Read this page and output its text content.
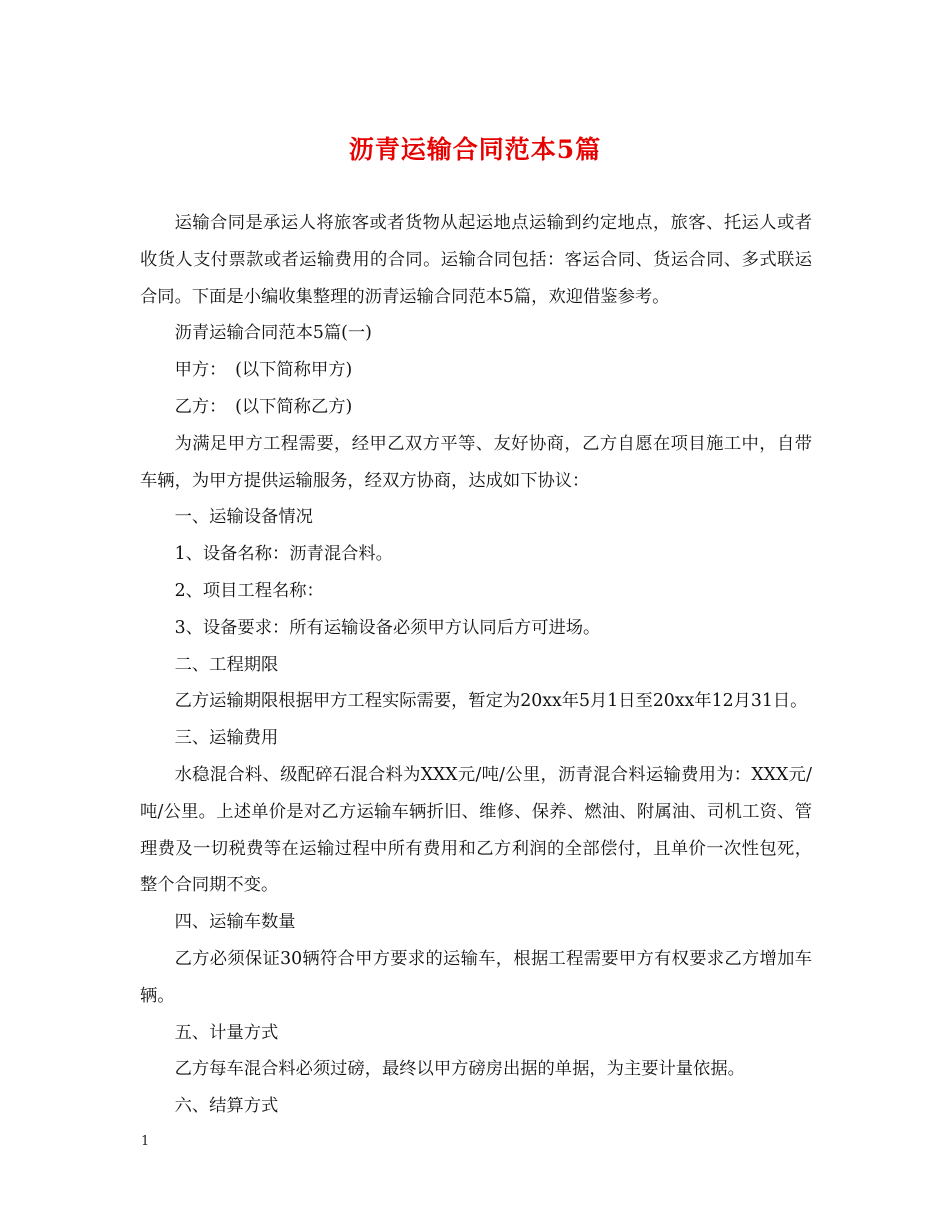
沥青运输合同范本5篇

运输合同是承运人将旅客或者货物从起运地点运输到约定地点，旅客、托运人或者收货人支付票款或者运输费用的合同。运输合同包括：客运合同、货运合同、多式联运合同。下面是小编收集整理的沥青运输合同范本5篇，欢迎借鉴参考。

沥青运输合同范本5篇(一)

甲方：　(以下简称甲方)

乙方：　(以下简称乙方)

为满足甲方工程需要，经甲乙双方平等、友好协商，乙方自愿在项目施工中，自带车辆，为甲方提供运输服务，经双方协商，达成如下协议：

一、运输设备情况

1、设备名称：沥青混合料。

2、项目工程名称：

3、设备要求：所有运输设备必须甲方认同后方可进场。

二、工程期限

乙方运输期限根据甲方工程实际需要，暂定为20xx年5月1日至20xx年12月31日。

三、运输费用

水稳混合料、级配碎石混合料为XXX元/吨/公里，沥青混合料运输费用为：XXX元/吨/公里。上述单价是对乙方运输车辆折旧、维修、保养、燃油、附属油、司机工资、管理费及一切税费等在运输过程中所有费用和乙方利润的全部偿付，且单价一次性包死，整个合同期不变。

四、运输车数量

乙方必须保证30辆符合甲方要求的运输车，根据工程需要甲方有权要求乙方增加车辆。

五、计量方式

乙方每车混合料必须过磅，最终以甲方磅房出据的单据，为主要计量依据。

六、结算方式

1
